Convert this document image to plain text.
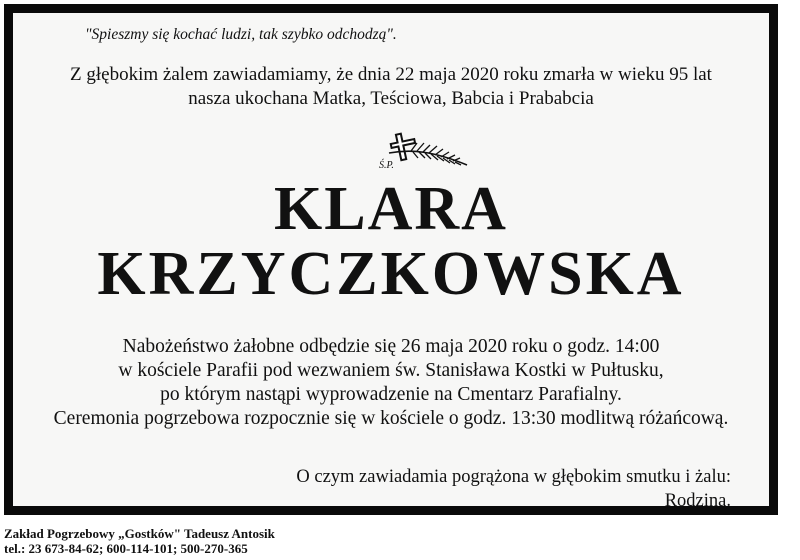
"Spieszmy się kochać ludzi, tak szybko odchodzą".
Z głębokim żalem zawiadamiamy, że dnia 22 maja 2020 roku zmarła w wieku 95 lat
nasza ukochana Matka, Teściowa, Babcia i Prababcia
Ś.P.
KLARA
KRZYCZKOWSKA
Nabożeństwo żałobne odbędzie się 26 maja 2020 roku o godz. 14:00
w kościele Parafii pod wezwaniem św. Stanisława Kostki w Pułtusku,
po którym nastąpi wyprowadzenie na Cmentarz Parafialny.
Ceremonia pogrzebowa rozpocznie się w kościele o godz. 13:30 modlitwą różańcową.
O czym zawiadamia pogrążona w głębokim smutku i żalu:
Rodzina.
Zakład Pogrzebowy „Gostków" Tadeusz Antosik
tel.: 23 673-84-62; 600-114-101; 500-270-365
